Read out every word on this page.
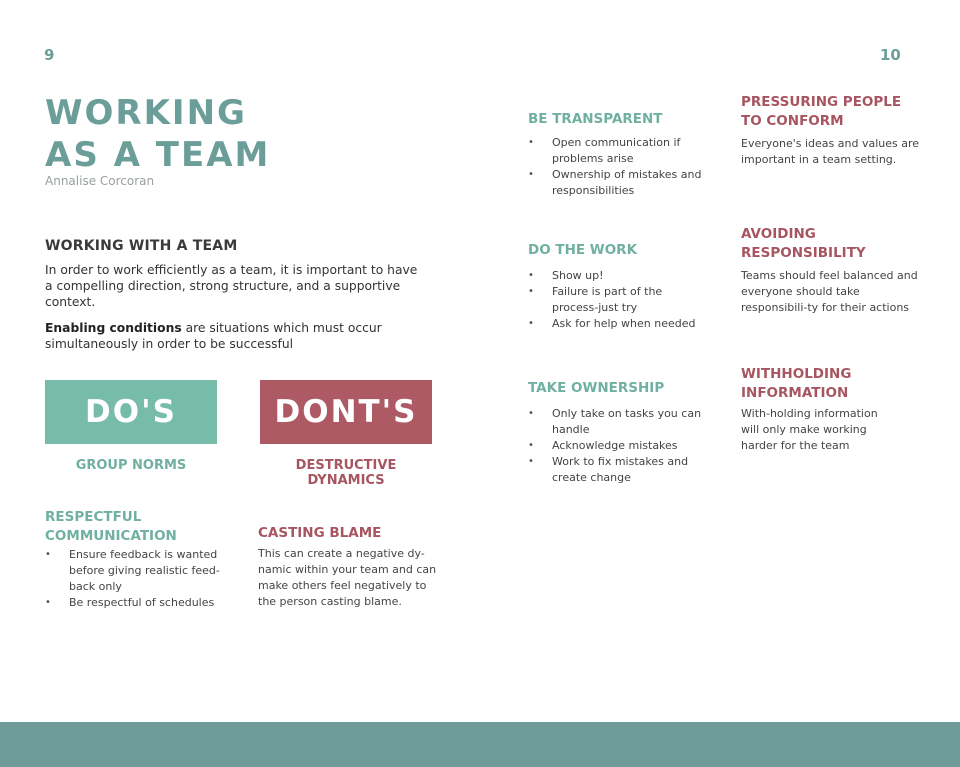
9
WORKING
AS A TEAM
Annalise Corcoran
WORKING WITH A TEAM

In order to work efficiently as a team, it is important to have a compelling direction, strong structure, and a supportive context.

Enabling conditions are situations which must occur simultaneously in order to be successful

DO'S	DONT'S
GROUP NORMS	DESTRUCTIVE DYNAMICS
RESPECTFUL
COMMUNICATION
• Ensure feedback is wanted before giving realistic feed-back only
• Be respectful of schedules
CASTING BLAME

This can create a negative dy-namic within your team and can make others feel negatively to the person casting blame.

10
BE TRANSPARENT
• Open communication if problems arise
• Ownership of mistakes and responsibilities
DO THE WORK
• Show up!
• Failure is part of the process-just try
• Ask for help when needed
TAKE OWNERSHIP
• Only take on tasks you can handle
• Acknowledge mistakes
• Work to fix mistakes and create change
PRESSURING PEOPLE
TO CONFORM

Everyone's ideas and values are important in a team setting.

AVOIDING
RESPONSIBILITY

Teams should feel balanced and everyone should take responsibili-ty for their actions

WITHHOLDING
INFORMATION

With-holding information will only make working harder for the team
